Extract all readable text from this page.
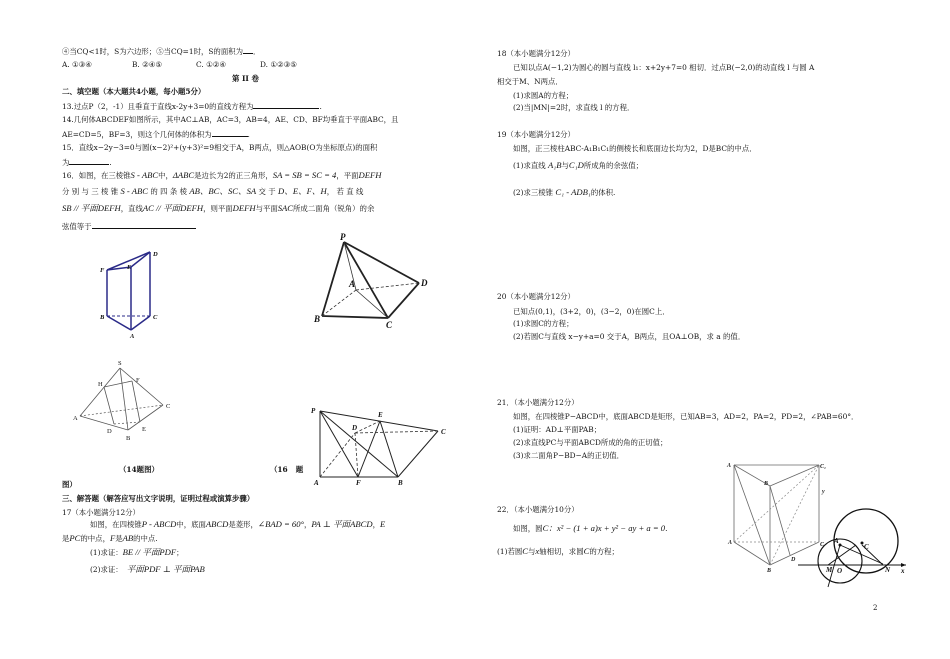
④当CQ<1时，S为六边形；⑤当CQ=1时，S的面积为 ．
A. ①③④	B. ②④⑤	C. ①②④	D. ①②③⑤
第 II 卷
二、填空题（本大题共4小题，每小题5分）
13.过点P（2，-1）且垂直于直线x-2y+3=0的直线方程为	.
14.几何体ABCDEF如图所示，其中AC⊥AB，AC=3，AB=4，AE、CD、BF均垂直于平面ABC，且
AE=CD=5，BF=3，则这个几何体的体积为	.
15．直线x−2y−3=0与圆(x−2)²+(y+3)²=9相交于A，B两点，则△AOB(O为坐标原点)的面积
为	.
16．如图，在三棱锥S - ABC中，ΔABC是边长为2的正三角形，SA = SB = SC = 4，平面DEFH
分 别 与 三 棱 锥 S - ABC 的 四 条 棱 AB、BC、SC、SA 交 于 D、E、F、H， 若 直 线
SB // 平面DEFH，直线AC // 平面DEFH，则平面DEFH与平面SAC所成二面角（锐角）的余
弦值等于
D
F	E
B	C
A
S
H
F
A
C
D
B
E
P
A	D
B
C
P	E
D	C
A	F	B
（14题图）	（16 题
图）
三、解答题（解答应写出文字说明，证明过程或演算步骤）
17（本小题满分12分）
如图，在四棱锥P - ABCD中，底面ABCD是菱形，∠BAD = 60°，PA ⊥ 平面ABCD，E
是PC的中点，F是AB的中点.
(1)求证：BE // 平面PDF；
(2)求证： 平面PDF ⊥ 平面PAB
18（本小题满分12分）
已知以点A(−1,2)为圆心的圆与直线 l₁：x+2y+7=0 相切．过点B(−2,0)的动直线 l 与圆 A
相交于M、N两点．
(1)求圆A的方程；
(2)当|MN|=2时，求直线 l 的方程．
19（本小题满分12分）
如图，正三棱柱ABC-A₁B₁C₁的侧棱长和底面边长均为2，D是BC的中点．
(1)求直线 A₁B与C₁D所成角的余弦值；
(2)求三棱锥 C₁ - ADB₁的体积.
20（本小题满分12分）
已知点(0,1)，(3+2，0)，(3−2，0)在圆C上．
(1)求圆C的方程；
(2)若圆C与直线 x−y+a=0 交于A，B两点，且OA⊥OB，求 a 的值．
21．（本小题满分12分）
如图，在四棱锥P−ABCD中，底面ABCD是矩形，已知AB=3，AD=2，PA=2，PD=2，∠PAB=60°．
(1)证明：AD⊥平面PAB；
(2)求直线PC与平面ABCD所成的角的正切值；
(3)求二面角P−BD−A的正切值．
22．（本小题满分10分）
如图，圆C：x² − (1 + a)x + y² − ay + a = 0.
(1)若圆C与x轴相切，求圆C的方程；
A	C₁
B
y
A	C
B
D
A
C
M O	N x
2
